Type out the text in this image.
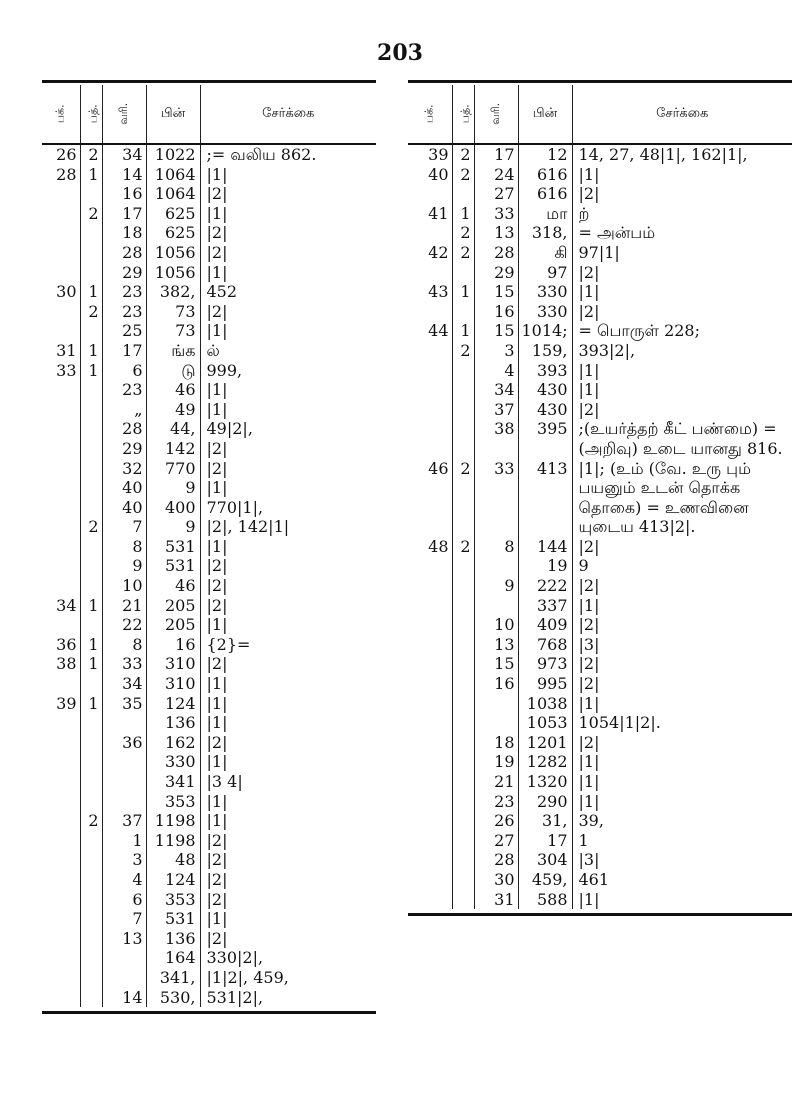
203
பக்.	பத்.	வரி.	பின்	சேர்க்கை
26	2	34	1022	;= வலிய 862.
28	1	14	1064	|1|
		16	1064	|2|
	2	17	625	|1|
		18	625	|2|
		28	1056	|2|
		29	1056	|1|
30	1	23	382,	452
	2	23	73	|2|
		25	73	|1|
31	1	17	ங்க	ல்
33	1	6	டு	999,
		23	46	|1|
		„	49	|1|
		28	44,	49|2|,
		29	142	|2|
		32	770	|2|
		40	9	|1|
		40	400	770|1|,
	2	7	9	|2|, 142|1|
		8	531	|1|
		9	531	|2|
		10	46	|2|
34	1	21	205	|2|
		22	205	|1|
36	1	8	16	{2}=
38	1	33	310	|2|
		34	310	|1|
39	1	35	124	|1|
			136	|1|
		36	162	|2|
			330	|1|
			341	|3 4|
			353	|1|
	2	37	1198	|1|
		1	1198	|2|
		3	48	|2|
		4	124	|2|
		6	353	|2|
		7	531	|1|
		13	136	|2|
			164	330|2|,
			341,	|1|2|, 459,
		14	530,	531|2|,
பக்.	பத்.	வரி.	பின்	சேர்க்கை
39	2	17	12	14, 27, 48|1|, 162|1|,
40	2	24	616	|1|
		27	616	|2|
41	1	33	மா	ற்
	2	13	318,	= அன்பம்
42	2	28	கி	97|1|
		29	97	|2|
43	1	15	330	|1|
		16	330	|2|
44	1	15	1014;	= பொருள் 228;
	2	3	159,	393|2|,
		4	393	|1|
		34	430	|1|
		37	430	|2|
		38	395	;(உயர்த்தற் கீட் பண்மை) = (அறிவு) உடை யானது 816.
46	2	33	413	|1|; (உம் (வே. உரு பும் பயனும் உடன் தொக்க தொகை) = உணவினை யுடைய 413|2|.
48	2	8	144	|2|
			19	9
		9	222	|2|
			337	|1|
		10	409	|2|
		13	768	|3|
		15	973	|2|
		16	995	|2|
			1038	|1|
			1053	1054|1|2|.
		18	1201	|2|
		19	1282	|1|
		21	1320	|1|
		23	290	|1|
		26	31,	39,
		27	17	1
		28	304	|3|
		30	459,	461
		31	588	|1|
